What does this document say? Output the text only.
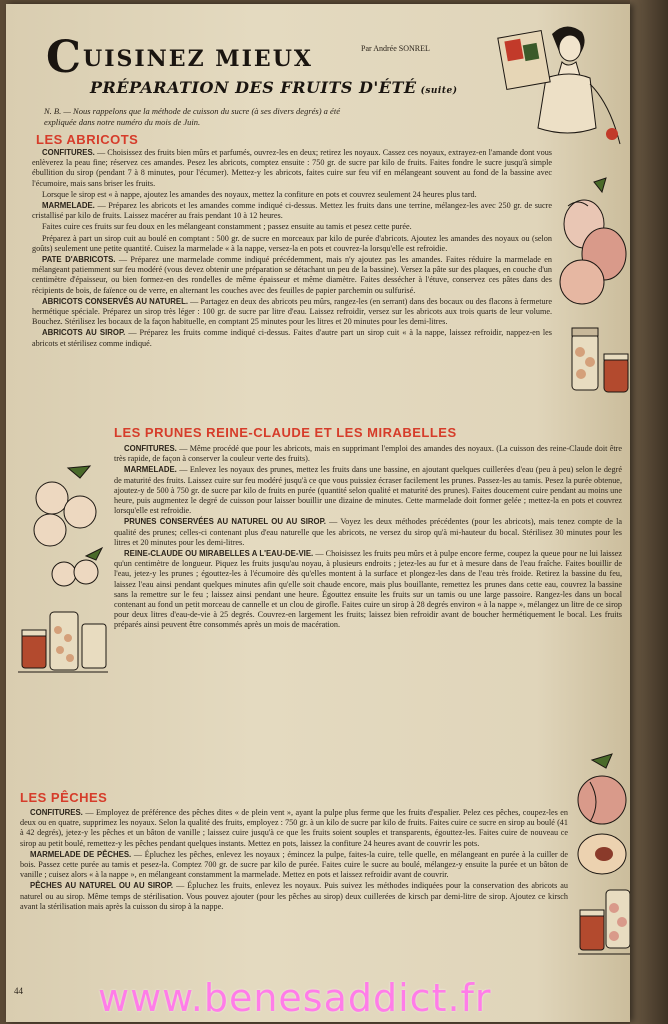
CUISINEZ MIEUX	Par Andrée SONREL
PRÉPARATION DES FRUITS D'ÉTÉ (suite)
N. B. — Nous rappelons que la méthode de cuisson du sucre (à ses divers degrés) a été expliquée dans notre numéro du mois de Juin.
LES ABRICOTS

CONFITURES. — Choisissez des fruits bien mûrs et parfumés, ouvrez-les en deux; retirez les noyaux. Cassez ces noyaux, extrayez-en l'amande dont vous enlèverez la peau fine; réservez ces amandes. Pesez les abricots, comptez ensuite : 750 gr. de sucre par kilo de fruits. Faites fondre le sucre jusqu'à simple ébullition du sirop (pendant 7 à 8 minutes, pour l'écumer). Mettez-y les abricots, faites cuire sur feu vif en mélangeant souvent au fond de la bassine avec l'écumoire, mais sans briser les fruits.

Lorsque le sirop est « à nappe, ajoutez les amandes des noyaux, mettez la confiture en pots et couvrez seulement 24 heures plus tard.

MARMELADE. — Préparez les abricots et les amandes comme indiqué ci-dessus. Mettez les fruits dans une terrine, mélangez-les avec 250 gr. de sucre cristallisé par kilo de fruits. Laissez macérer au frais pendant 10 à 12 heures.

Faites cuire ces fruits sur feu doux en les mélangeant constamment ; passez ensuite au tamis et pesez cette purée.

Préparez à part un sirop cuit au boulé en comptant : 500 gr. de sucre en morceaux par kilo de purée d'abricots. Ajoutez les amandes des noyaux ou (selon goûts) seulement une petite quantité. Cuisez la marmelade « à la nappe, versez-la en pots et couvrez-la lorsqu'elle est refroidie.

PATE D'ABRICOTS. — Préparez une marmelade comme indiqué précédemment, mais n'y ajoutez pas les amandes. Faites réduire la marmelade en mélangeant patiemment sur feu modéré (vous devez obtenir une préparation se détachant un peu de la bassine). Versez la pâte sur des plaques, en couche d'un centimètre d'épaisseur, ou bien formez-en des rondelles de même épaisseur et même diamètre. Faites dessécher à l'étuve, conservez ces pâtes dans des récipients de bois, de faïence ou de verre, en alternant les couches avec des feuilles de papier parchemin ou sulfurisé.

ABRICOTS CONSERVÉS AU NATUREL. — Partagez en deux des abricots peu mûrs, rangez-les (en serrant) dans des bocaux ou des flacons à fermeture hermétique spéciale. Préparez un sirop très léger : 100 gr. de sucre par litre d'eau. Laissez refroidir, versez sur les abricots aux trois quarts de leur volume. Bouchez. Stérilisez les bocaux de la façon habituelle, en comptant 25 minutes pour les litres et 20 minutes pour les demi-litres.

ABRICOTS AU SIROP. — Préparez les fruits comme indiqué ci-dessus. Faites d'autre part un sirop cuit « à la nappe, laissez refroidir, nappez-en les abricots et stérilisez comme indiqué.

LES PRUNES REINE-CLAUDE ET LES MIRABELLES

CONFITURES. — Même procédé que pour les abricots, mais en supprimant l'emploi des amandes des noyaux. (La cuisson des reine-Claude doit être très rapide, de façon à conserver la couleur verte des fruits).

MARMELADE. — Enlevez les noyaux des prunes, mettez les fruits dans une bassine, en ajoutant quelques cuillerées d'eau (peu à peu) selon le degré de maturité des fruits. Laissez cuire sur feu modéré jusqu'à ce que vous puissiez écraser facilement les prunes. Passez-les au tamis. Pesez la purée obtenue, ajoutez-y de 500 à 750 gr. de sucre par kilo de fruits en purée (quantité selon qualité et maturité des prunes). Faites doucement cuire pendant au moins une heure, puis augmentez le degré de cuisson pour laisser bouillir une dizaine de minutes. Cette marmelade doit former gelée ; mettez-la en pots et couvrez lorsqu'elle est refroidie.

PRUNES CONSERVÉES AU NATUREL OU AU SIROP. — Voyez les deux méthodes précédentes (pour les abricots), mais tenez compte de la qualité des prunes; celles-ci contenant plus d'eau naturelle que les abricots, ne versez du sirop qu'à mi-hauteur du bocal. Stérilisez 30 minutes pour les litres et 20 minutes pour les demi-litres.

REINE-CLAUDE OU MIRABELLES A L'EAU-DE-VIE. — Choisissez les fruits peu mûrs et à pulpe encore ferme, coupez la queue pour ne lui laissez qu'un centimètre de longueur. Piquez les fruits jusqu'au noyau, à plusieurs endroits ; jetez-les au fur et à mesure dans de l'eau fraîche. Faites bouillir de l'eau, jetez-y les prunes ; égouttez-les à l'écumoire dès qu'elles montent à la surface et plongez-les dans de l'eau très froide. Retirez la bassine du feu, laissez l'eau ainsi pendant quelques minutes afin qu'elle soit chaude encore, mais plus bouillante, remettez les prunes dans cette eau, couvrez la bassine sans la remettre sur le feu ; laissez ainsi pendant une heure. Égouttez ensuite les fruits sur un tamis ou une large passoire. Rangez-les dans un bocal contenant au fond un petit morceau de cannelle et un clou de girofle. Faites cuire un sirop à 28 degrés environ « à la nappe », mélangez un litre de ce sirop pour deux litres d'eau-de-vie à 25 degrés. Couvrez-en largement les fruits; laissez bien refroidir avant de boucher hermétiquement le bocal. Les fruits préparés ainsi peuvent être consommés après un mois de macération.

LES PÊCHES

CONFITURES. — Employez de préférence des pêches dites « de plein vent », ayant la pulpe plus ferme que les fruits d'espalier. Pelez ces pêches, coupez-les en deux ou en quatre, supprimez les noyaux. Selon la qualité des fruits, employez : 750 gr. à un kilo de sucre par kilo de fruits. Faites cuire ce sucre en sirop au boulé (41 à 42 degrés), jetez-y les pêches et un bâton de vanille ; laissez cuire jusqu'à ce que les fruits soient souples et transparents, égouttez-les. Faites cuire de nouveau ce sirop au petit boulé, remettez-y les pêches pendant quelques instants. Mettez en pots, laissez la confiture 24 heures avant de couvrir les pots.

MARMELADE DE PÊCHES. — Épluchez les pêches, enlevez les noyaux ; émincez la pulpe, faites-la cuire, telle quelle, en mélangeant en purée à la cuiller de bois. Passez cette purée au tamis et pesez-la. Comptez 700 gr. de sucre par kilo de purée. Faites cuire le sucre au boulé, mélangez-y ensuite la purée et un bâton de vanille ; cuisez alors « à la nappe », en mélangeant constamment la marmelade. Mettez en pots et laissez refroidir avant de couvrir.

PÊCHES AU NATUREL OU AU SIROP. — Épluchez les fruits, enlevez les noyaux. Puis suivez les méthodes indiquées pour la conservation des abricots au naturel ou au sirop. Même temps de stérilisation. Vous pouvez ajouter (pour les pêches au sirop) deux cuillerées de kirsch par demi-litre de sirop. Ajoutez ce kirsch avant la stérilisation mais après la cuisson du sirop à la nappe.

44 www.benesaddict.fr
